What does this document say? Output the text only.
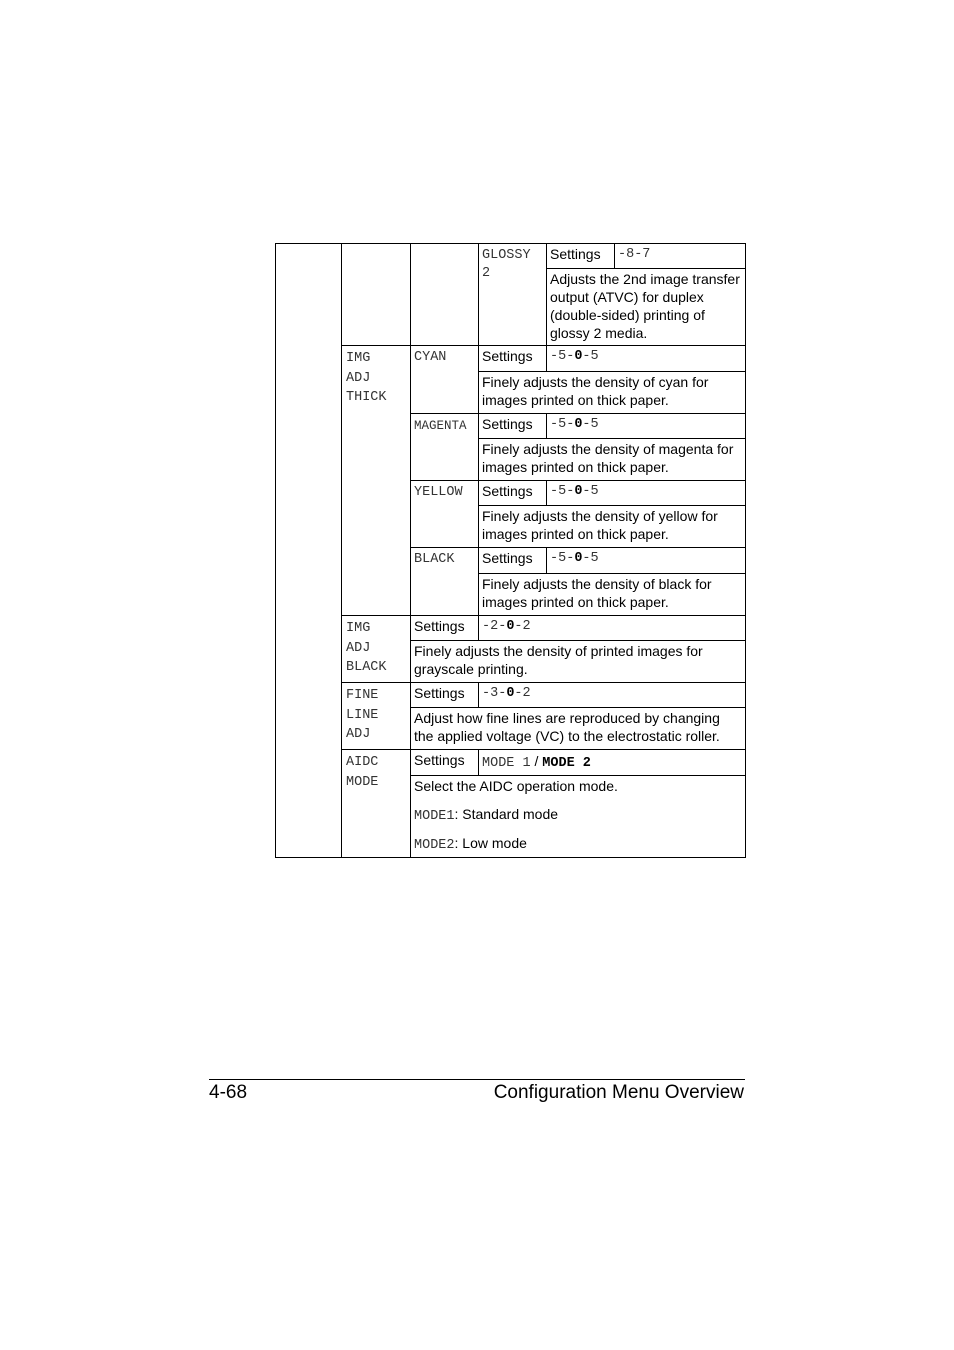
GLOSSY
2
Settings -8-7
Adjusts the 2nd image transfer
output (ATVC) for duplex
(double-sided) printing of
glossy 2 media.
IMG
ADJ
THICK
CYAN	Settings -5-0-5
Finely adjusts the density of cyan for
images printed on thick paper.
MAGENTA Settings -5-0-5
Finely adjusts the density of magenta for
images printed on thick paper.
YELLOW Settings -5-0-5
Finely adjusts the density of yellow for
images printed on thick paper.
BLACK Settings -5-0-5
Finely adjusts the density of black for
images printed on thick paper.
IMG
ADJ
BLACK
Settings -2-0-2
Finely adjusts the density of printed images for
grayscale printing.
FINE
LINE
ADJ
Settings -3-0-2
Adjust how fine lines are reproduced by changing
the applied voltage (VC) to the electrostatic roller.
AIDC
MODE
Settings MODE 1 / MODE 2
Select the AIDC operation mode.
MODE1: Standard mode
MODE2: Low mode
4-68	Configuration Menu Overview
